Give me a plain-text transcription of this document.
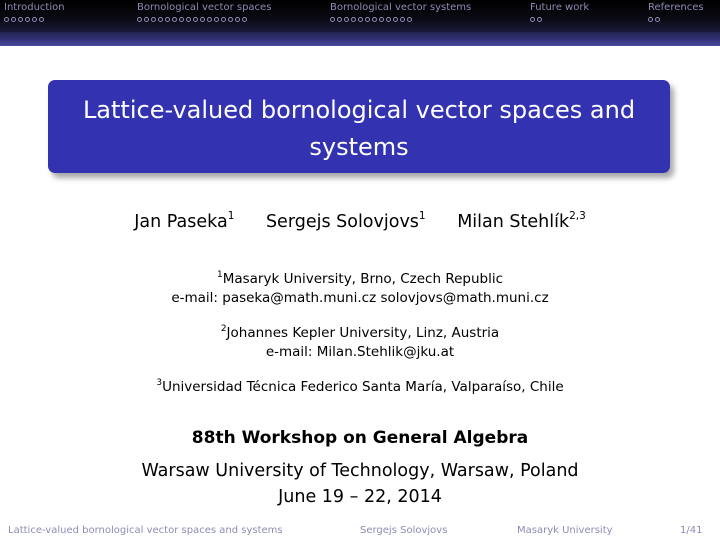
Introduction	Bornological vector spaces	Bornological vector systems	Future work	References
Lattice-valued bornological vector spaces and systems
Jan Paseka$^1$ Sergejs Solovjovs$^1$ Milan Stehlík$^{2,3}$
$^1$Masaryk University, Brno, Czech Republic
e-mail: paseka@math.muni.cz solovjovs@math.muni.cz
$^2$Johannes Kepler University, Linz, Austria
e-mail: Milan.Stehlik@jku.at
$^3$Universidad Técnica Federico Santa María, Valparaíso, Chile
88th Workshop on General Algebra
Warsaw University of Technology, Warsaw, Poland
June 19 – 22, 2014
Lattice-valued bornological vector spaces and systems	Sergejs Solovjovs	Masaryk University	1/41
